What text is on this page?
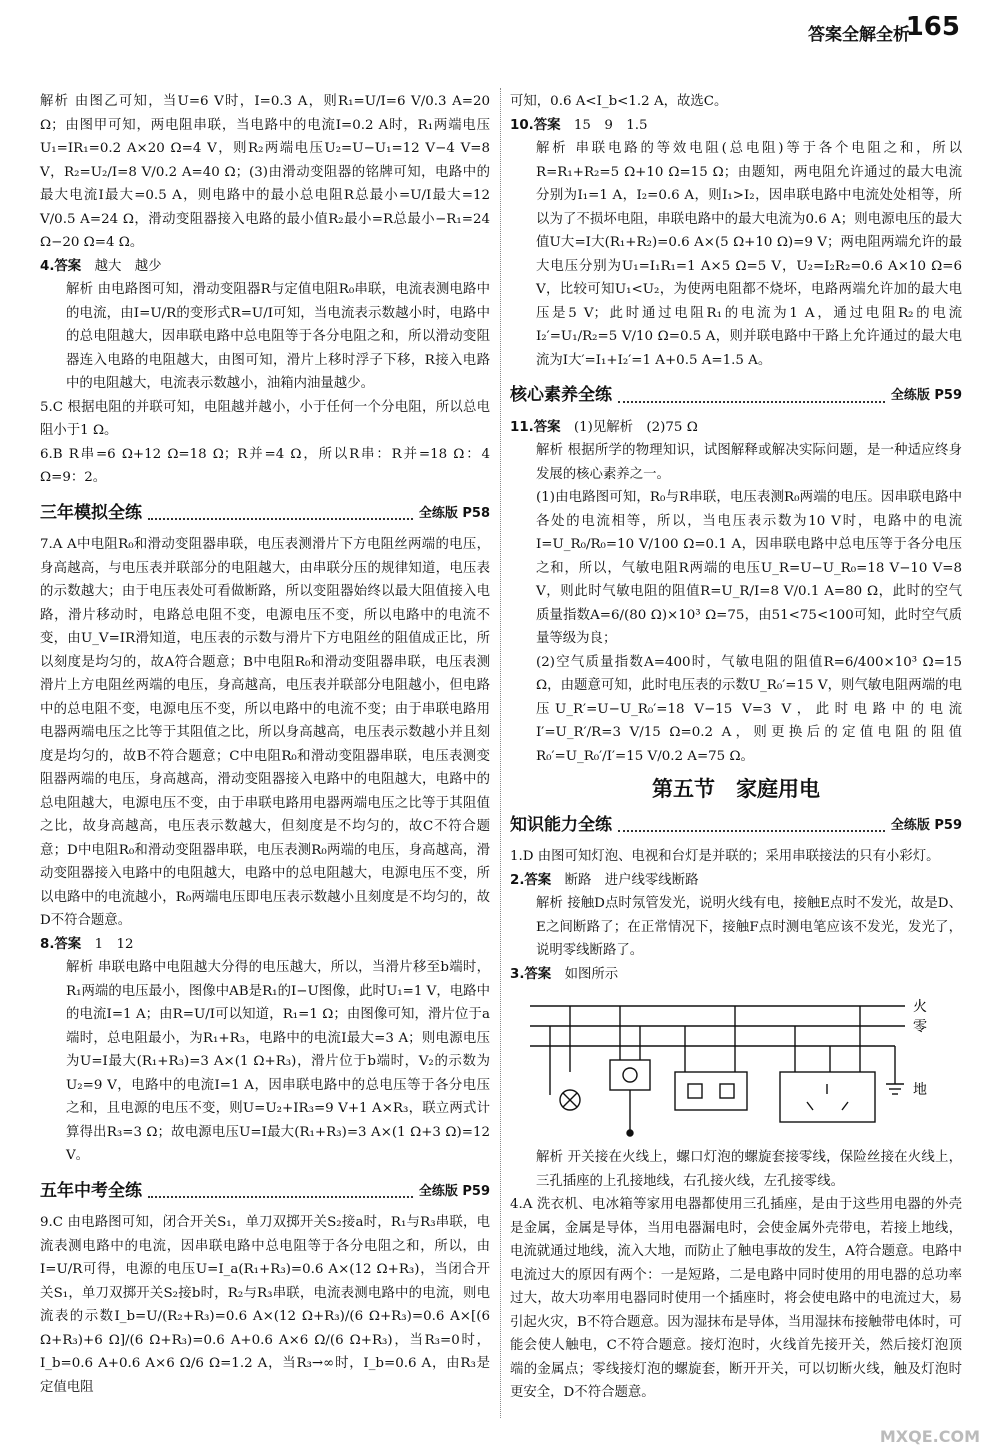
答案全解全析
165

解析 由图乙可知，当U=6 V时，I=0.3 A，则R₁=U/I=6 V/0.3 A=20 Ω；由图甲可知，两电阻串联，当电路中的电流I=0.2 A时，R₁两端电压U₁=IR₁=0.2 A×20 Ω=4 V，则R₂两端电压U₂=U−U₁=12 V−4 V=8 V，R₂=U₂/I=8 V/0.2 A=40 Ω；(3)由滑动变阻器的铭牌可知，电路中的最大电流I最大=0.5 A，则电路中的最小总电阻R总最小=U/I最大=12 V/0.5 A=24 Ω，滑动变阻器接入电路的最小值R₂最小=R总最小−R₁=24 Ω−20 Ω=4 Ω。

4.答案　 越大　越少

解析 由电路图可知，滑动变阻器R与定值电阻R₀串联，电流表测电路中的电流，由I=U/R的变形式R=U/I可知，当电流表示数越小时，电路中的总电阻越大，因串联电路中总电阻等于各分电阻之和，所以滑动变阻器连入电路的电阻越大，由图可知，滑片上移时浮子下移，R接入电路中的电阻越大，电流表示数越小，油箱内油量越少。

5.C 根据电阻的并联可知，电阻越并越小，小于任何一个分电阻，所以总电阻小于1 Ω。

6.B R串=6 Ω+12 Ω=18 Ω；R并=4 Ω，所以R串：R并=18 Ω：4 Ω=9：2。

三年模拟全练	全练版 P58

7.A A中电阻R₀和滑动变阻器串联，电压表测滑片下方电阻丝两端的电压，身高越高，与电压表并联部分的电阻越大，由串联分压的规律知道，电压表的示数越大；由于电压表处可看做断路，所以变阻器始终以最大阻值接入电路，滑片移动时，电路总电阻不变，电源电压不变，所以电路中的电流不变，由U_V=IR滑知道，电压表的示数与滑片下方电阻丝的阻值成正比，所以刻度是均匀的，故A符合题意；B中电阻R₀和滑动变阻器串联，电压表测滑片上方电阻丝两端的电压，身高越高，电压表并联部分电阻越小，但电路中的总电阻不变，电源电压不变，所以电路中的电流不变；由于串联电路用电器两端电压之比等于其阻值之比，所以身高越高，电压表示数越小并且刻度是均匀的，故B不符合题意；C中电阻R₀和滑动变阻器串联，电压表测变阻器两端的电压，身高越高，滑动变阻器接入电路中的电阻越大，电路中的总电阻越大，电源电压不变，由于串联电路用电器两端电压之比等于其阻值之比，故身高越高，电压表示数越大，但刻度是不均匀的，故C不符合题意；D中电阻R₀和滑动变阻器串联，电压表测R₀两端的电压，身高越高，滑动变阻器接入电路中的电阻越大，电路中的总电阻越大，电源电压不变，所以电路中的电流越小，R₀两端电压即电压表示数越小且刻度是不均匀的，故D不符合题意。

8.答案　 1　12

解析 串联电路中电阻越大分得的电压越大，所以，当滑片移至b端时，R₁两端的电压最小，图像中AB是R₁的I−U图像，此时U₁=1 V，电路中的电流I=1 A；由R=U/I可以知道，R₁=1 Ω；由图像可知，滑片位于a端时，总电阻最小，为R₁+R₃，电路中的电流I最大=3 A；则电源电压为U=I最大(R₁+R₃)=3 A×(1 Ω+R₃)，滑片位于b端时，V₂的示数为U₂=9 V，电路中的电流I=1 A，因串联电路中的总电压等于各分电压之和，且电源的电压不变，则U=U₂+IR₃=9 V+1 A×R₃，联立两式计算得出R₃=3 Ω；故电源电压U=I最大(R₁+R₃)=3 A×(1 Ω+3 Ω)=12 V。

五年中考全练	全练版 P59

9.C 由电路图可知，闭合开关S₁，单刀双掷开关S₂接a时，R₁与R₃串联，电流表测电路中的电流，因串联电路中总电阻等于各分电阻之和，所以，由I=U/R可得，电源的电压U=I_a(R₁+R₃)=0.6 A×(12 Ω+R₃)，当闭合开关S₁，单刀双掷开关S₂接b时，R₂与R₃串联，电流表测电路中的电流，则电流表的示数I_b=U/(R₂+R₃)=0.6 A×(12 Ω+R₃)/(6 Ω+R₃)=0.6 A×[(6 Ω+R₃)+6 Ω]/(6 Ω+R₃)=0.6 A+0.6 A×6 Ω/(6 Ω+R₃)，当R₃=0时，I_b=0.6 A+0.6 A×6 Ω/6 Ω=1.2 A，当R₃→∞时，I_b=0.6 A，由R₃是定值电阻

可知，0.6 A<I_b<1.2 A，故选C。

10.答案　 15　9　1.5

解析 串联电路的等效电阻(总电阻)等于各个电阻之和，所以R=R₁+R₂=5 Ω+10 Ω=15 Ω；由题知，两电阻允许通过的最大电流分别为I₁=1 A，I₂=0.6 A，则I₁>I₂，因串联电路中电流处处相等，所以为了不损坏电阻，串联电路中的最大电流为0.6 A；则电源电压的最大值U大=I大(R₁+R₂)=0.6 A×(5 Ω+10 Ω)=9 V；两电阻两端允许的最大电压分别为U₁=I₁R₁=1 A×5 Ω=5 V，U₂=I₂R₂=0.6 A×10 Ω=6 V，比较可知U₁<U₂，为使两电阻都不烧坏，电路两端允许加的最大电压是5 V；此时通过电阻R₁的电流为1 A，通过电阻R₂的电流I₂′=U₁/R₂=5 V/10 Ω=0.5 A，则并联电路中干路上允许通过的最大电流为I大′=I₁+I₂′=1 A+0.5 A=1.5 A。

核心素养全练	全练版 P59

11.答案　 (1)见解析　(2)75 Ω

解析 根据所学的物理知识，试图解释或解决实际问题，是一种适应终身发展的核心素养之一。

(1)由电路图可知，R₀与R串联，电压表测R₀两端的电压。因串联电路中各处的电流相等，所以，当电压表示数为10 V时，电路中的电流I=U_R₀/R₀=10 V/100 Ω=0.1 A，因串联电路中总电压等于各分电压之和，所以，气敏电阻R两端的电压U_R=U−U_R₀=18 V−10 V=8 V，则此时气敏电阻的阻值R=U_R/I=8 V/0.1 A=80 Ω，此时的空气质量指数A=6/(80 Ω)×10³ Ω=75，由51<75<100可知，此时空气质量等级为良；

(2)空气质量指数A=400时，气敏电阻的阻值R=6/400×10³ Ω=15 Ω，由题意可知，此时电压表的示数U_R₀′=15 V，则气敏电阻两端的电压U_R′=U−U_R₀′=18 V−15 V=3 V，此时电路中的电流I′=U_R′/R=3 V/15 Ω=0.2 A，则更换后的定值电阻的阻值R₀′=U_R₀′/I′=15 V/0.2 A=75 Ω。

第五节　家庭用电
知识能力全练	全练版 P59

1.D 由图可知灯泡、电视和台灯是并联的；采用串联接法的只有小彩灯。

2.答案　 断路　进户线零线断路

解析 接触D点时氖管发光，说明火线有电，接触E点时不发光，故是D、E之间断路了；在正常情况下，接触F点时测电笔应该不发光，发光了，说明零线断路了。

3.答案　 如图所示

火
零
地

解析 开关接在火线上，螺口灯泡的螺旋套接零线，保险丝接在火线上，三孔插座的上孔接地线，右孔接火线，左孔接零线。

4.A 洗衣机、电冰箱等家用电器都使用三孔插座，是由于这些用电器的外壳是金属，金属是导体，当用电器漏电时，会使金属外壳带电，若接上地线，电流就通过地线，流入大地，而防止了触电事故的发生，A符合题意。电路中电流过大的原因有两个：一是短路，二是电路中同时使用的用电器的总功率过大，故大功率用电器同时使用一个插座时，将会使电路中的电流过大，易引起火灾，B不符合题意。因为湿抹布是导体，当用湿抹布接触带电体时，可能会使人触电，C不符合题意。接灯泡时，火线首先接开关，然后接灯泡顶端的金属点；零线接灯泡的螺旋套，断开开关，可以切断火线，触及灯泡时更安全，D不符合题意。

MXQE.COM
